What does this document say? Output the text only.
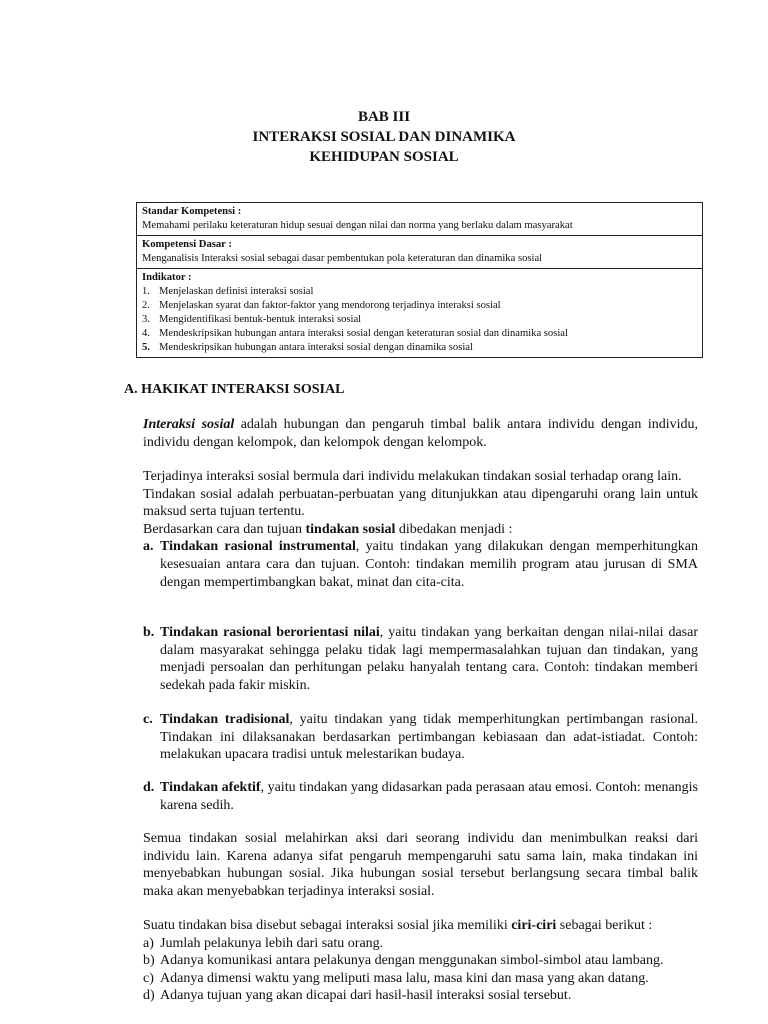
BAB III
INTERAKSI SOSIAL DAN DINAMIKA
KEHIDUPAN SOSIAL
Standar Kompetensi :
Memahami perilaku keteraturan hidup sesuai dengan nilai dan norma yang berlaku dalam masyarakat
Kompetensi Dasar :
Menganalisis Interaksi sosial sebagai dasar pembentukan pola keteraturan dan dinamika sosial
Indikator :
1. Menjelaskan definisi interaksi sosial
2. Menjelaskan syarat dan faktor-faktor yang mendorong terjadinya interaksi sosial
3. Mengidentifikasi bentuk-bentuk interaksi sosial
4. Mendeskripsikan hubungan antara interaksi sosial dengan keteraturan sosial dan dinamika sosial
5. Mendeskripsikan hubungan antara interaksi sosial dengan dinamika sosial
A. HAKIKAT INTERAKSI SOSIAL

Interaksi sosial adalah hubungan dan pengaruh timbal balik antara individu dengan individu, individu dengan kelompok, dan kelompok dengan kelompok.

Terjadinya interaksi sosial bermula dari individu melakukan tindakan sosial terhadap orang lain.

Tindakan sosial adalah perbuatan-perbuatan yang ditunjukkan atau dipengaruhi orang lain untuk maksud serta tujuan tertentu.

Berdasarkan cara dan tujuan tindakan sosial dibedakan menjadi :

a. Tindakan rasional instrumental, yaitu tindakan yang dilakukan dengan memperhitungkan kesesuaian antara cara dan tujuan. Contoh: tindakan memilih program atau jurusan di SMA dengan mempertimbangkan bakat, minat dan cita-cita.
b. Tindakan rasional berorientasi nilai, yaitu tindakan yang berkaitan dengan nilai-nilai dasar dalam masyarakat sehingga pelaku tidak lagi mempermasalahkan tujuan dan tindakan, yang menjadi persoalan dan perhitungan pelaku hanyalah tentang cara. Contoh: tindakan memberi sedekah pada fakir miskin.
c. Tindakan tradisional, yaitu tindakan yang tidak memperhitungkan pertimbangan rasional. Tindakan ini dilaksanakan berdasarkan pertimbangan kebiasaan dan adat-istiadat. Contoh: melakukan upacara tradisi untuk melestarikan budaya.
d. Tindakan afektif, yaitu tindakan yang didasarkan pada perasaan atau emosi. Contoh: menangis karena sedih.

Semua tindakan sosial melahirkan aksi dari seorang individu dan menimbulkan reaksi dari individu lain. Karena adanya sifat pengaruh mempengaruhi satu sama lain, maka tindakan ini menyebabkan hubungan sosial. Jika hubungan sosial tersebut berlangsung secara timbal balik maka akan menyebabkan terjadinya interaksi sosial.

Suatu tindakan bisa disebut sebagai interaksi sosial jika memiliki ciri-ciri sebagai berikut :

a) Jumlah pelakunya lebih dari satu orang.
b) Adanya komunikasi antara pelakunya dengan menggunakan simbol-simbol atau lambang.
c) Adanya dimensi waktu yang meliputi masa lalu, masa kini dan masa yang akan datang.
d) Adanya tujuan yang akan dicapai dari hasil-hasil interaksi sosial tersebut.
